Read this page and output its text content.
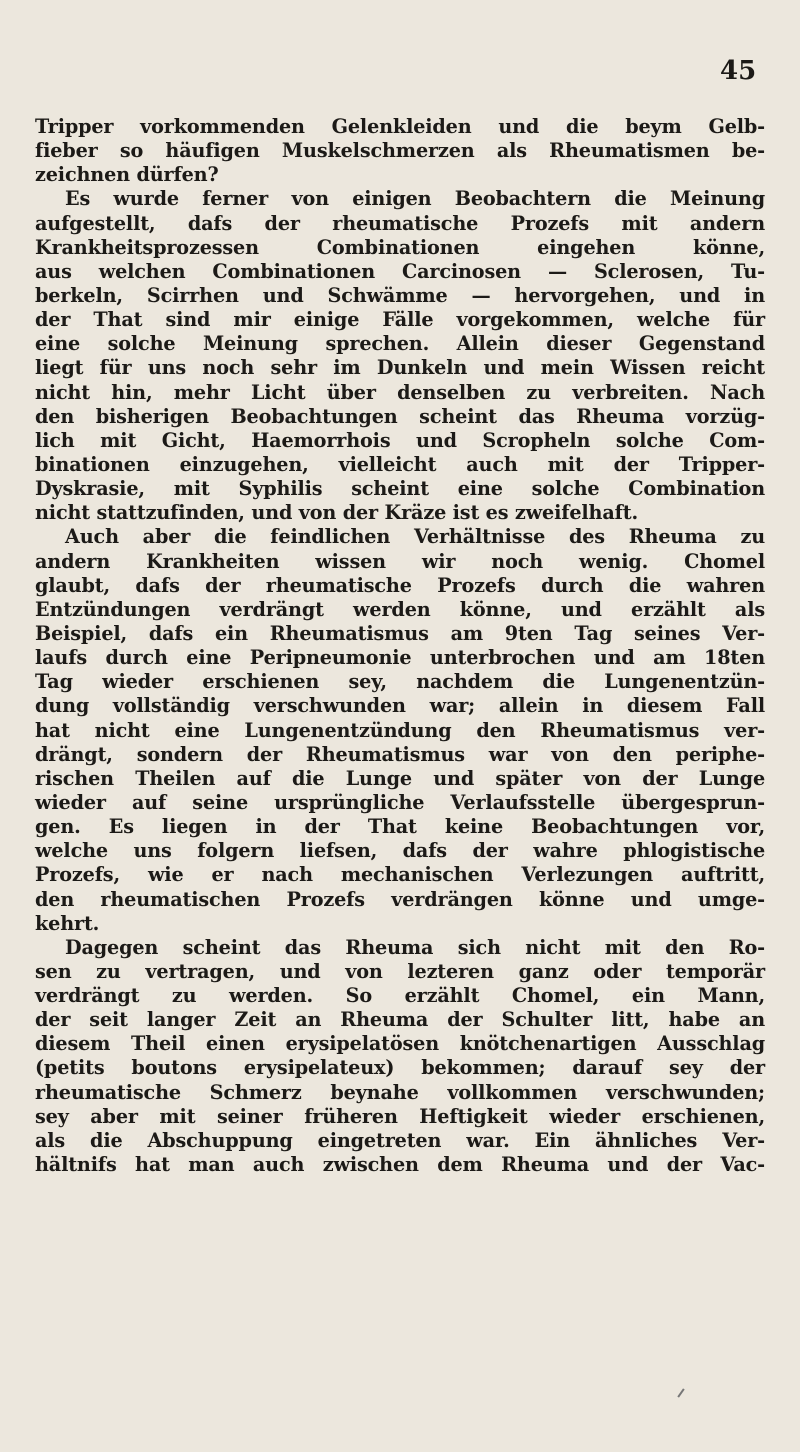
45
Tripper vorkommenden Gelenkleiden und die beym Gelb-
fieber so häufigen Muskelschmerzen als Rheumatismen be-
zeichnen dürfen?
Es wurde ferner von einigen Beobachtern die Meinung
aufgestellt, dafs der rheumatische Prozefs mit andern
Krankheitsprozessen Combinationen eingehen könne,
aus welchen Combinationen Carcinosen — Sclerosen, Tu-
berkeln, Scirrhen und Schwämme — hervorgehen, und in
der That sind mir einige Fälle vorgekommen, welche für
eine solche Meinung sprechen. Allein dieser Gegenstand
liegt für uns noch sehr im Dunkeln und mein Wissen reicht
nicht hin, mehr Licht über denselben zu verbreiten. Nach
den bisherigen Beobachtungen scheint das Rheuma vorzüg-
lich mit Gicht, Haemorrhois und Scropheln solche Com-
binationen einzugehen, vielleicht auch mit der Tripper-
Dyskrasie, mit Syphilis scheint eine solche Combination
nicht stattzufinden, und von der Kräze ist es zweifelhaft.
Auch aber die feindlichen Verhältnisse des Rheuma zu
andern Krankheiten wissen wir noch wenig. Chomel
glaubt, dafs der rheumatische Prozefs durch die wahren
Entzündungen verdrängt werden könne, und erzählt als
Beispiel, dafs ein Rheumatismus am 9ten Tag seines Ver-
laufs durch eine Peripneumonie unterbrochen und am 18ten
Tag wieder erschienen sey, nachdem die Lungenentzün-
dung vollständig verschwunden war; allein in diesem Fall
hat nicht eine Lungenentzündung den Rheumatismus ver-
drängt, sondern der Rheumatismus war von den periphe-
rischen Theilen auf die Lunge und später von der Lunge
wieder auf seine ursprüngliche Verlaufsstelle übergesprun-
gen. Es liegen in der That keine Beobachtungen vor,
welche uns folgern liefsen, dafs der wahre phlogistische
Prozefs, wie er nach mechanischen Verlezungen auftritt,
den rheumatischen Prozefs verdrängen könne und umge-
kehrt.
Dagegen scheint das Rheuma sich nicht mit den Ro-
sen zu vertragen, und von lezteren ganz oder temporär
verdrängt zu werden. So erzählt Chomel, ein Mann,
der seit langer Zeit an Rheuma der Schulter litt, habe an
diesem Theil einen erysipelatösen knötchenartigen Ausschlag
(petits boutons erysipelateux) bekommen; darauf sey der
rheumatische Schmerz beynahe vollkommen verschwunden;
sey aber mit seiner früheren Heftigkeit wieder erschienen,
als die Abschuppung eingetreten war. Ein ähnliches Ver-
hältnifs hat man auch zwischen dem Rheuma und der Vac-
